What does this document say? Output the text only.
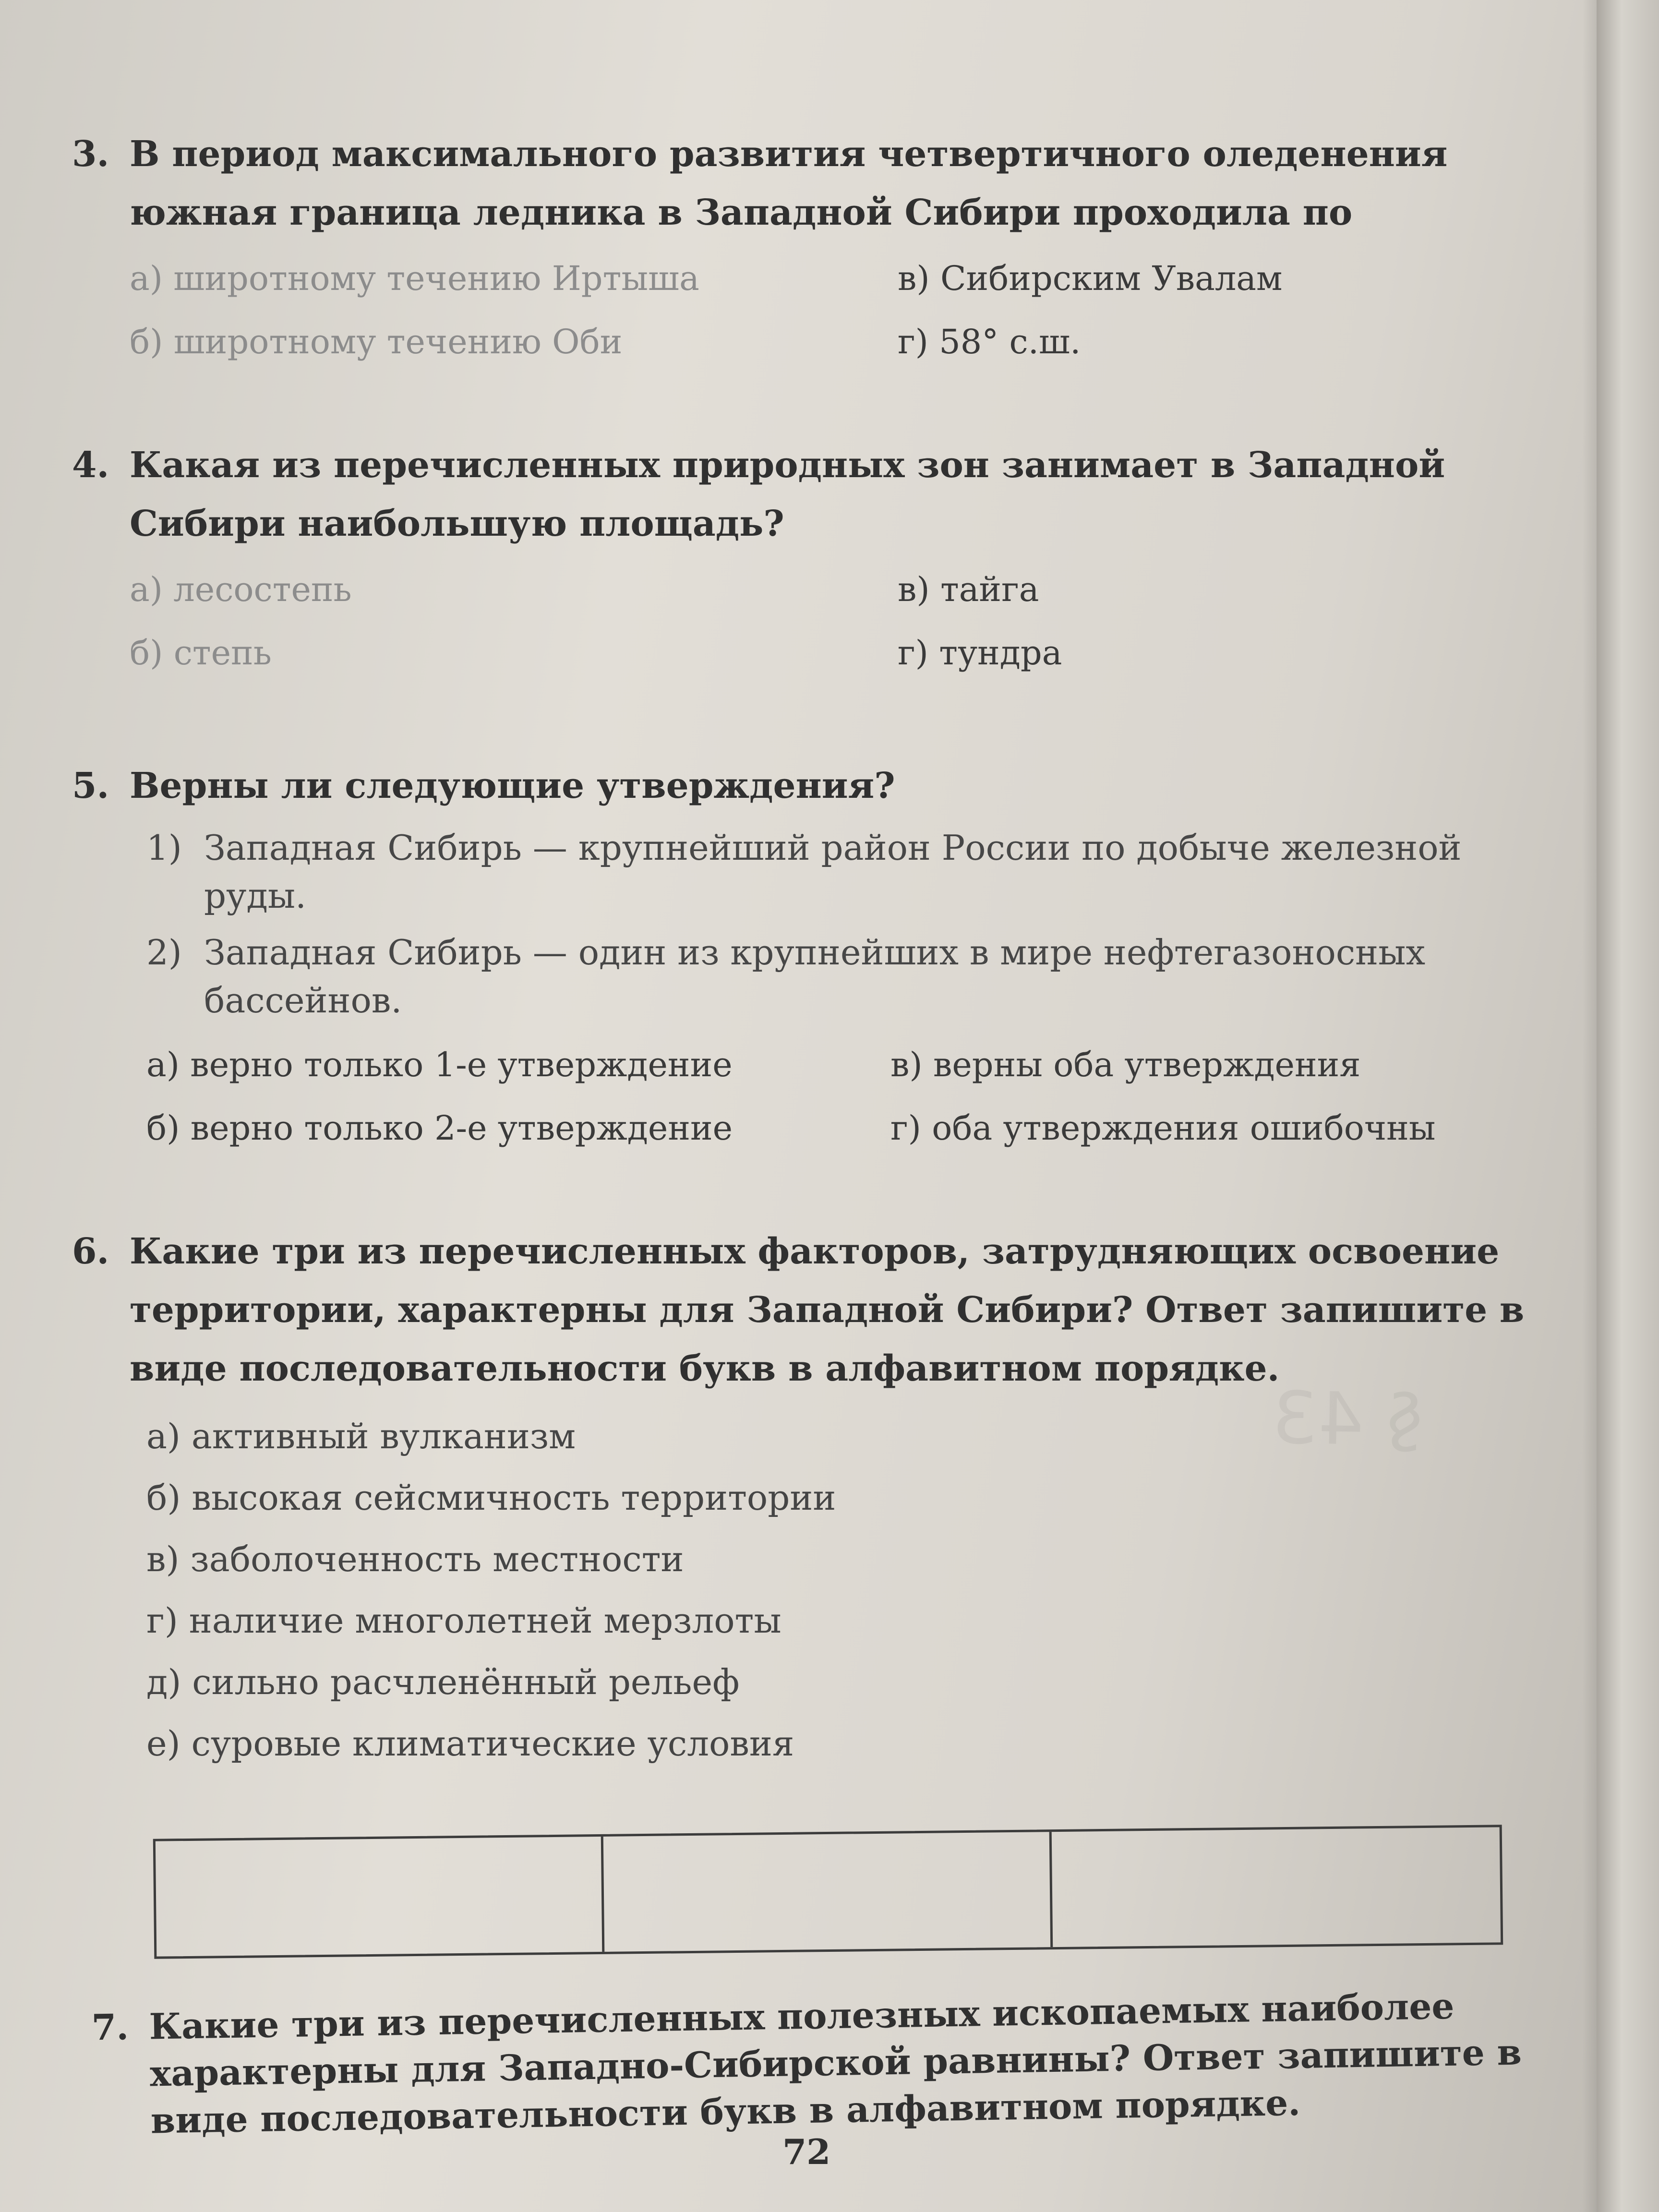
§ 43

3. В период максимального развития четвертичного оледенения южная граница ледника в Западной Сибири проходила по

а) широтному течению Иртыша	в) Сибирским Увалам
б) широтному течению Оби	г) 58° с.ш.

4. Какая из перечисленных природных зон занимает в Западной Сибири наибольшую площадь?

а) лесостепь	в) тайга
б) степь	г) тундра

5. Верны ли следующие утверждения?

1) Западная Сибирь — крупнейший район России по добыче железной руды.
2) Западная Сибирь — один из крупнейших в мире нефтегазоносных бассейнов.
а) верно только 1-е утверждение	в) верны оба утверждения
б) верно только 2-е утверждение	г) оба утверждения ошибочны

6. Какие три из перечисленных факторов, затрудняющих освоение территории, характерны для Западной Сибири? Ответ запишите в виде последовательности букв в алфавитном порядке.

а) активный вулканизм
б) высокая сейсмичность территории
в) заболоченность местности
г) наличие многолетней мерзлоты
д) сильно расчленённый рельеф
е) суровые климатические условия

7. Какие три из перечисленных полезных ископаемых наиболее характерны для Западно-Сибирской равнины? Ответ запишите в виде последовательности букв в алфавитном порядке.

72
